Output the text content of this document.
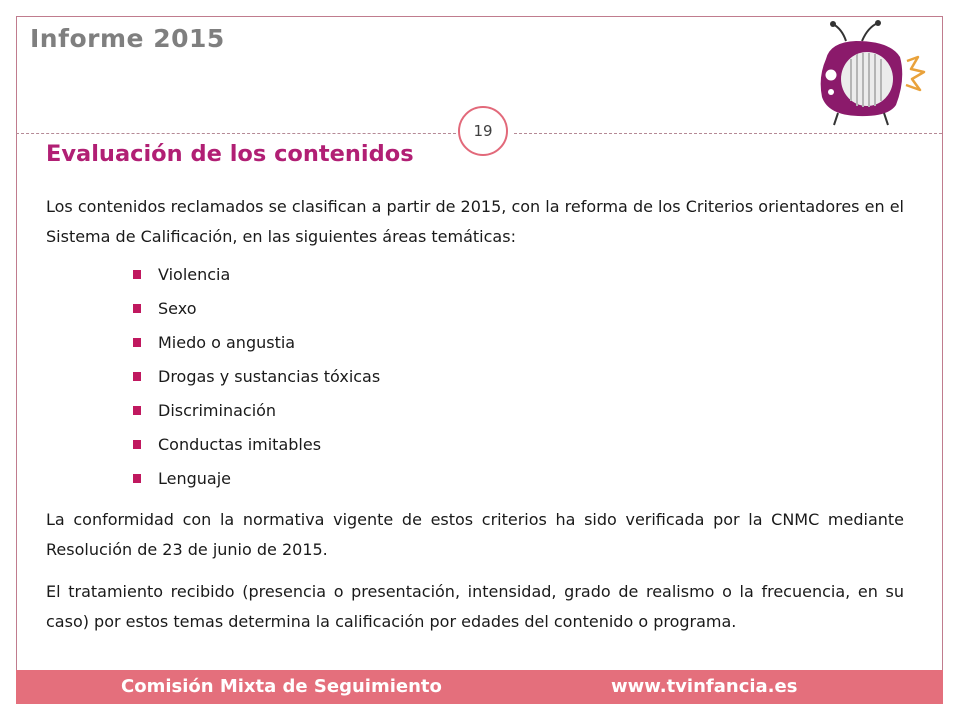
Informe 2015
19
Evaluación de los contenidos

Los contenidos reclamados se clasifican a partir de 2015, con la reforma de los Criterios orientadores en el Sistema de Calificación, en las siguientes áreas temáticas:

Violencia
Sexo
Miedo o angustia
Drogas y sustancias tóxicas
Discriminación
Conductas imitables
Lenguaje

La conformidad con la normativa vigente de estos criterios ha sido verificada por la CNMC mediante Resolución de 23 de junio de 2015.

El tratamiento recibido (presencia o presentación, intensidad, grado de realismo o la frecuencia, en su caso) por estos temas determina la calificación por edades del contenido o programa.

Comisión Mixta de Seguimiento	www.tvinfancia.es
